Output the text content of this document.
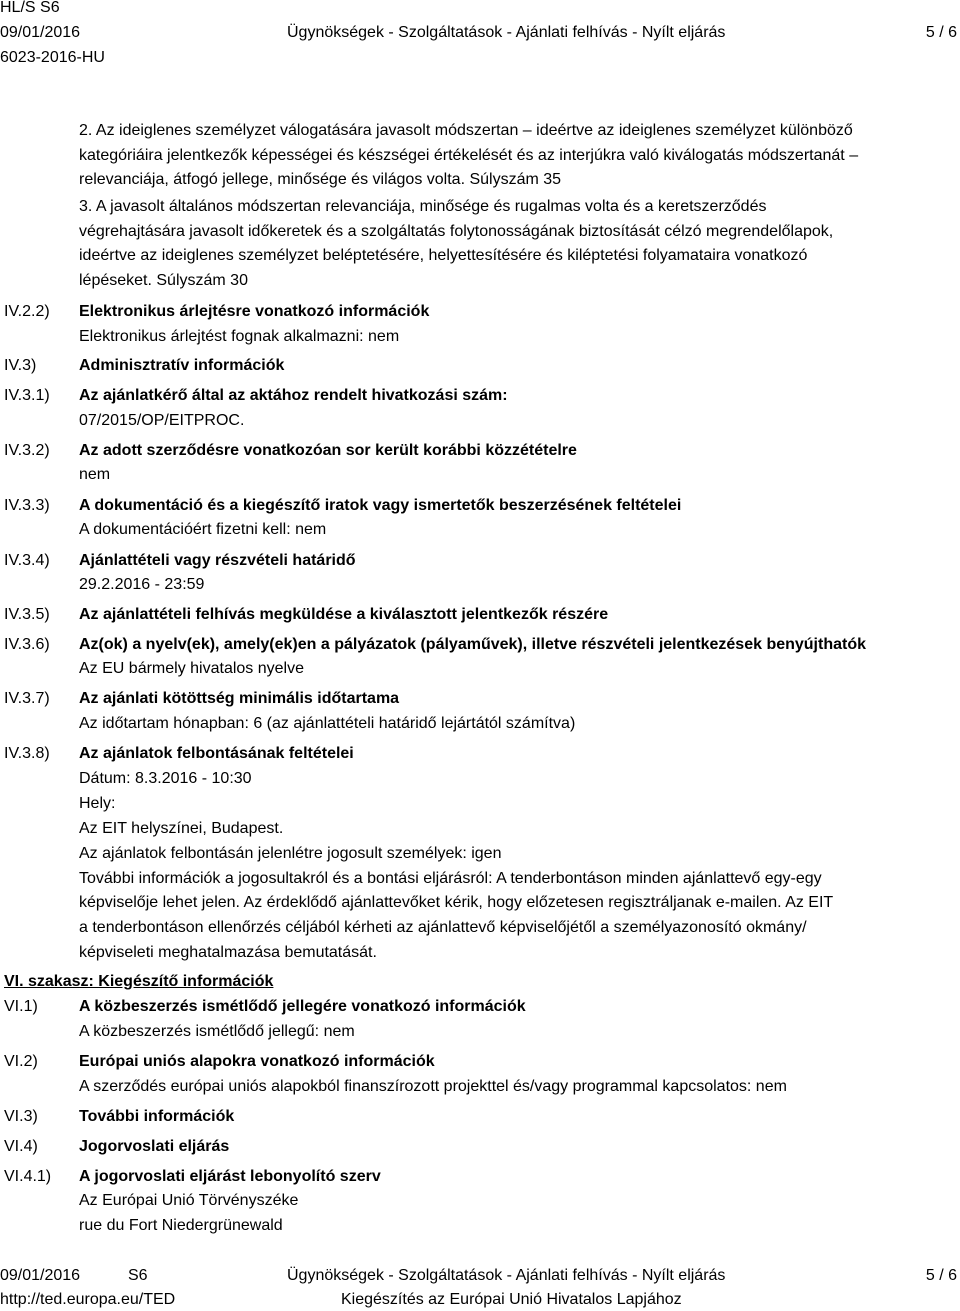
HL/S S6
09/01/2016	Ügynökségek - Szolgáltatások - Ajánlati felhívás - Nyílt eljárás	5 / 6
6023-2016-HU
2. Az ideiglenes személyzet válogatására javasolt módszertan – ideértve az ideiglenes személyzet különböző
kategóriáira jelentkezők képességei és készségei értékelését és az interjúkra való kiválogatás módszertanát –
relevanciája, átfogó jellege, minősége és világos volta. Súlyszám 35
3. A javasolt általános módszertan relevanciája, minősége és rugalmas volta és a keretszerződés
végrehajtására javasolt időkeretek és a szolgáltatás folytonosságának biztosítását célzó megrendelőlapok,
ideértve az ideiglenes személyzet beléptetésére, helyettesítésére és kiléptetési folyamataira vonatkozó
lépéseket. Súlyszám 30
IV.2.2) Elektronikus árlejtésre vonatkozó információk
Elektronikus árlejtést fognak alkalmazni: nem
IV.3)	Adminisztratív információk
IV.3.1) Az ajánlatkérő által az aktához rendelt hivatkozási szám:
07/2015/OP/EITPROC.
IV.3.2) Az adott szerződésre vonatkozóan sor került korábbi közzétételre
nem
IV.3.3) A dokumentáció és a kiegészítő iratok vagy ismertetők beszerzésének feltételei
A dokumentációért fizetni kell: nem
IV.3.4) Ajánlattételi vagy részvételi határidő
29.2.2016 - 23:59
IV.3.5) Az ajánlattételi felhívás megküldése a kiválasztott jelentkezők részére
IV.3.6) Az(ok) a nyelv(ek), amely(ek)en a pályázatok (pályaművek), illetve részvételi jelentkezések benyújthatók
Az EU bármely hivatalos nyelve
IV.3.7) Az ajánlati kötöttség minimális időtartama
Az időtartam hónapban: 6 (az ajánlattételi határidő lejártától számítva)
IV.3.8) Az ajánlatok felbontásának feltételei
Dátum: 8.3.2016 - 10:30
Hely:
Az EIT helyszínei, Budapest.
Az ajánlatok felbontásán jelenlétre jogosult személyek: igen
További információk a jogosultakról és a bontási eljárásról: A tenderbontáson minden ajánlattevő egy-egy
képviselője lehet jelen. Az érdeklődő ajánlattevőket kérik, hogy előzetesen regisztráljanak e-mailen. Az EIT
a tenderbontáson ellenőrzés céljából kérheti az ajánlattevő képviselőjétől a személyazonosító okmány/
képviseleti meghatalmazása bemutatását.
VI. szakasz: Kiegészítő információk
VI.1)	A közbeszerzés ismétlődő jellegére vonatkozó információk
A közbeszerzés ismétlődő jellegű: nem
VI.2)	Európai uniós alapokra vonatkozó információk
A szerződés európai uniós alapokból finanszírozott projekttel és/vagy programmal kapcsolatos: nem
VI.3)	További információk
VI.4)	Jogorvoslati eljárás
VI.4.1) A jogorvoslati eljárást lebonyolító szerv
Az Európai Unió Törvényszéke
rue du Fort Niedergrünewald
09/01/2016	S6	Ügynökségek - Szolgáltatások - Ajánlati felhívás - Nyílt eljárás	5 / 6
http://ted.europa.eu/TED	Kiegészítés az Európai Unió Hivatalos Lapjához
